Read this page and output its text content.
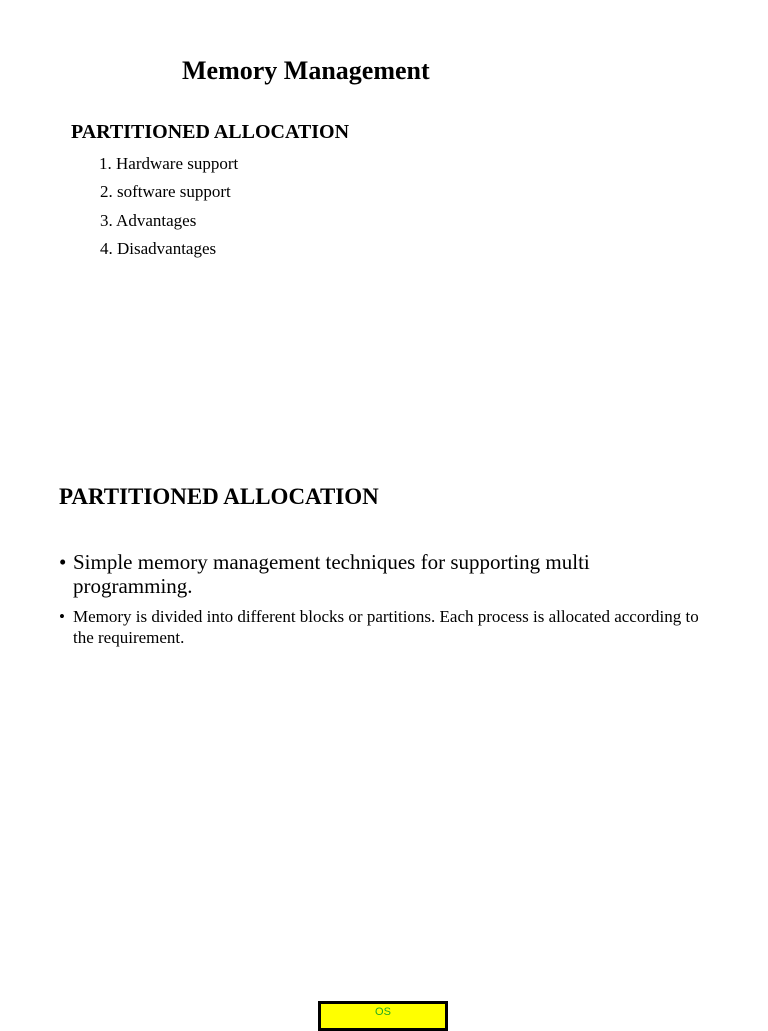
Memory Management
PARTITIONED ALLOCATION
1. Hardware support
2. software support
3. Advantages
4. Disadvantages
PARTITIONED ALLOCATION
• Simple memory management techniques for supporting multi programming.
• Memory is divided into different blocks or partitions. Each process is allocated according to the requirement.
OS
